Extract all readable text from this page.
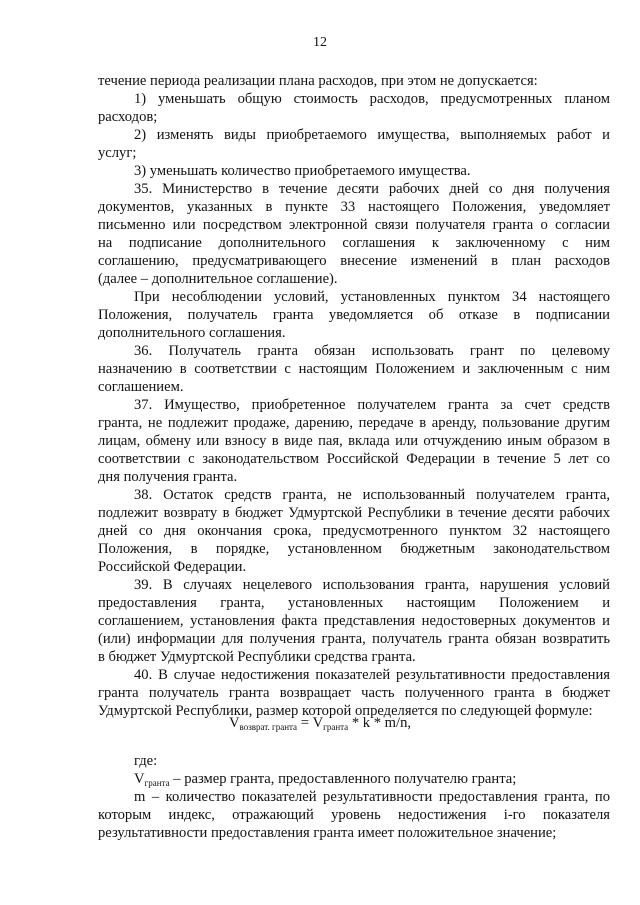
12
течение периода реализации плана расходов, при этом не допускается:
1) уменьшать общую стоимость расходов, предусмотренных планом
расходов;
2) изменять виды приобретаемого имущества, выполняемых работ и
услуг;
3) уменьшать количество приобретаемого имущества.
35. Министерство в течение десяти рабочих дней со дня получения
документов, указанных в пункте 33 настоящего Положения, уведомляет
письменно или посредством электронной связи получателя гранта о согласии
на подписание дополнительного соглашения к заключенному с ним
соглашению, предусматривающего внесение изменений в план расходов
(далее – дополнительное соглашение).
При несоблюдении условий, установленных пунктом 34 настоящего
Положения, получатель гранта уведомляется об отказе в подписании
дополнительного соглашения.
36. Получатель гранта обязан использовать грант по целевому
назначению в соответствии с настоящим Положением и заключенным с ним
соглашением.
37. Имущество, приобретенное получателем гранта за счет средств
гранта, не подлежит продаже, дарению, передаче в аренду, пользование другим
лицам, обмену или взносу в виде пая, вклада или отчуждению иным образом в
соответствии с законодательством Российской Федерации в течение 5 лет со
дня получения гранта.
38. Остаток средств гранта, не использованный получателем гранта,
подлежит возврату в бюджет Удмуртской Республики в течение десяти рабочих
дней со дня окончания срока, предусмотренного пунктом 32 настоящего
Положения, в порядке, установленном бюджетным законодательством
Российской Федерации.
39. В случаях нецелевого использования гранта, нарушения условий
предоставления гранта, установленных настоящим Положением и
соглашением, установления факта представления недостоверных документов и
(или) информации для получения гранта, получатель гранта обязан возвратить
в бюджет Удмуртской Республики средства гранта.
40. В случае недостижения показателей результативности предоставления
гранта получатель гранта возвращает часть полученного гранта в бюджет
Удмуртской Республики, размер которой определяется по следующей формуле:
$V_{возврат. гранта} = V_{гранта} * k * m/n$,
где:
$V_{гранта}$ – размер гранта, предоставленного получателю гранта;
m – количество показателей результативности предоставления гранта, по
которым индекс, отражающий уровень недостижения i-го показателя
результативности предоставления гранта имеет положительное значение;
